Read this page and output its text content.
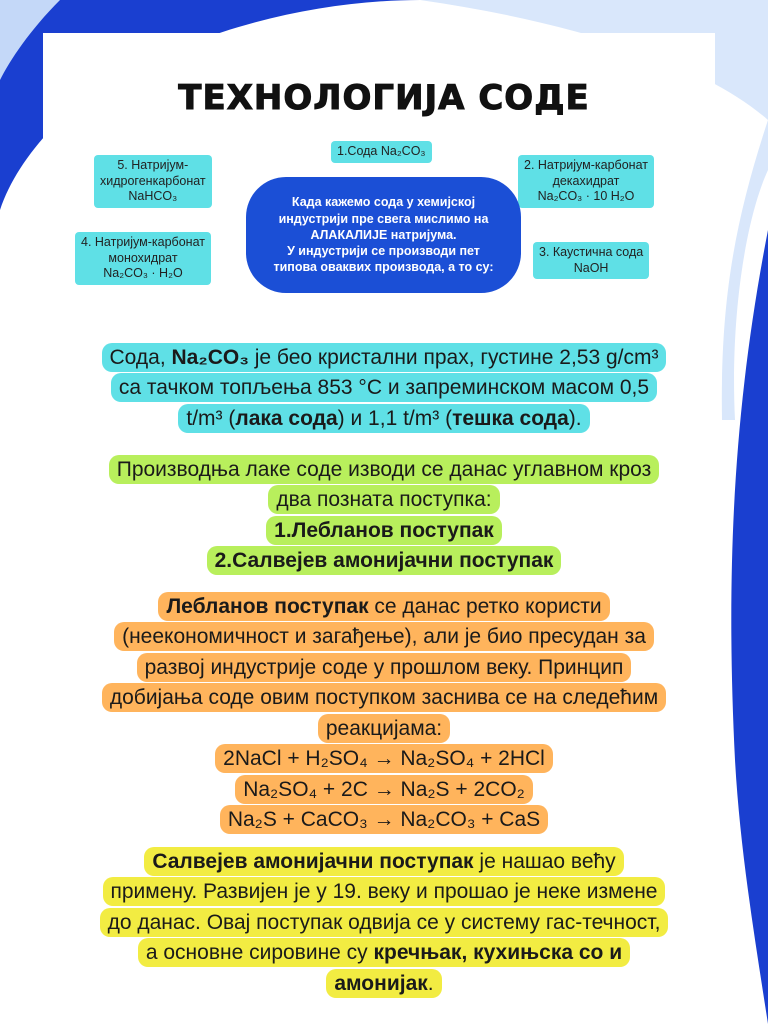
ТЕХНОЛОГИЈА СОДЕ
1.Сода Na₂CO₃
5. Натријум-
хидрогенкарбонат
NaHCO₃
2. Натријум-карбонат
декахидрат
Na₂CO₃ · 10 H₂O
4. Натријум-карбонат
монохидрат
Na₂CO₃ · H₂O
3. Каустична сода
NaOH
Када кажемо сода у хемијској
индустрији пре свега мислимо на
АЛАКАЛИЈЕ натријума.
У индустрији се производи пет
типова оваквих производа, а то су:
Сода, Na₂CO₃ је беo кристални прах, густине 2,53 g/cm³
са тачком топљења 853 °C и запреминском масом 0,5
t/m³ (лака сода) и 1,1 t/m³ (тешка сода).
Производња лаке соде изводи се данас углавном кроз
два позната поступка:
1.Лебланов поступак
2.Салвејев амонијачни поступак
Лебланов поступак се данас ретко користи
(неекономичност и загађење), али је био пресудан за
развој индустрије соде у прошлом веку. Принцип
добијања соде овим поступком заснива се на следећим
реакцијама:
2NaCl + H₂SO₄ → Na₂SO₄ + 2HCl
Na₂SO₄ + 2C → Na₂S + 2CO₂
Na₂S + CaCO₃ → Na₂CO₃ + CaS
Салвејев амонијачни поступак је нашао већу
примену. Развијен је у 19. веку и прошао је неке измене
до данас. Овај поступак одвија се у систему гас-течност,
а основне сировине су кречњак, кухињска со и
амонијак.
